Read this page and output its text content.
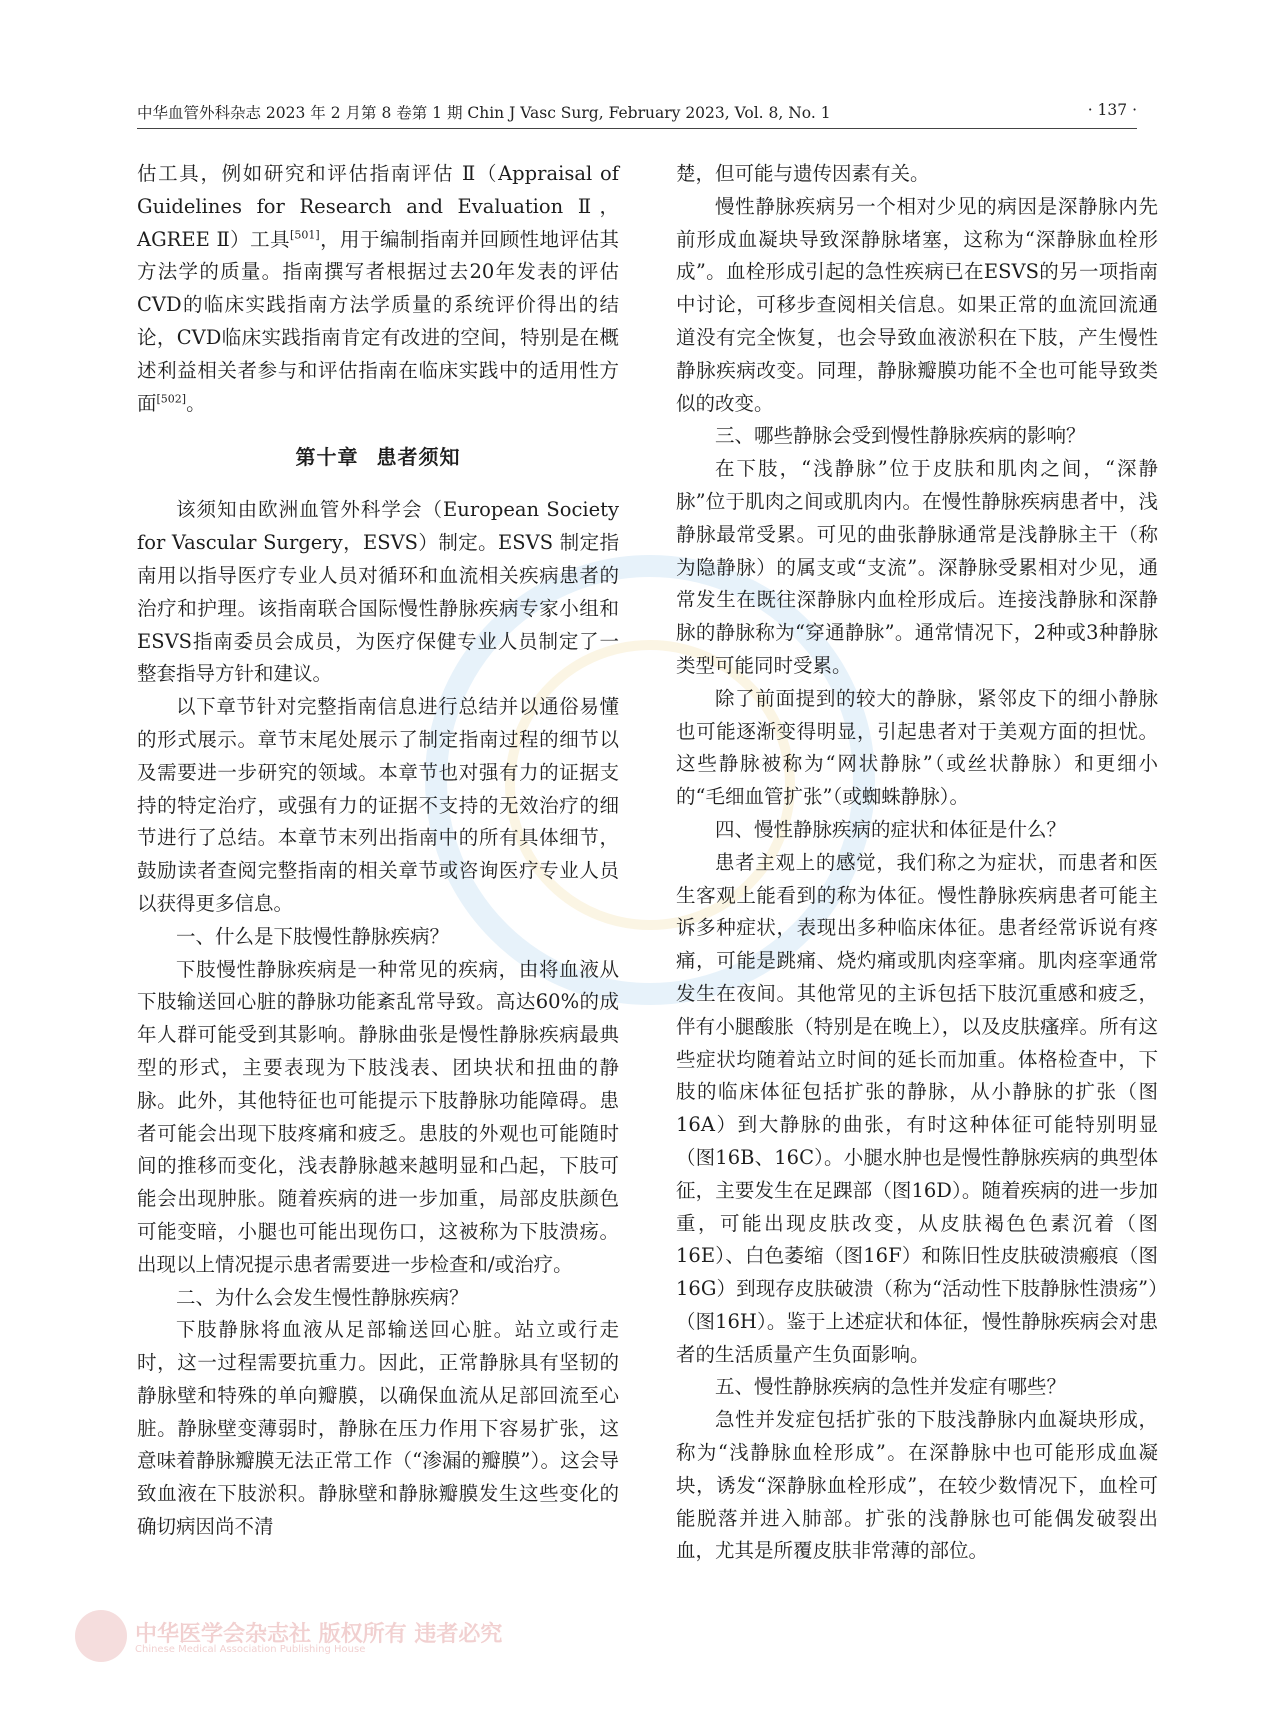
中华血管外科杂志 2023 年 2 月第 8 卷第 1 期 Chin J Vasc Surg, February 2023, Vol. 8, No. 1	· 137 ·

估工具，例如研究和评估指南评估 Ⅱ（Appraisal of Guidelines for Research and Evaluation Ⅱ，AGREE Ⅱ）工具[501]，用于编制指南并回顾性地评估其方法学的质量。指南撰写者根据过去20年发表的评估CVD的临床实践指南方法学质量的系统评价得出的结论，CVD临床实践指南肯定有改进的空间，特别是在概述利益相关者参与和评估指南在临床实践中的适用性方面[502]。

第十章 患者须知

该须知由欧洲血管外科学会（European Society for Vascular Surgery，ESVS）制定。ESVS 制定指南用以指导医疗专业人员对循环和血流相关疾病患者的治疗和护理。该指南联合国际慢性静脉疾病专家小组和ESVS指南委员会成员，为医疗保健专业人员制定了一整套指导方针和建议。

以下章节针对完整指南信息进行总结并以通俗易懂的形式展示。章节末尾处展示了制定指南过程的细节以及需要进一步研究的领域。本章节也对强有力的证据支持的特定治疗，或强有力的证据不支持的无效治疗的细节进行了总结。本章节末列出指南中的所有具体细节，鼓励读者查阅完整指南的相关章节或咨询医疗专业人员以获得更多信息。

一、什么是下肢慢性静脉疾病？

下肢慢性静脉疾病是一种常见的疾病，由将血液从下肢输送回心脏的静脉功能紊乱常导致。高达60%的成年人群可能受到其影响。静脉曲张是慢性静脉疾病最典型的形式，主要表现为下肢浅表、团块状和扭曲的静脉。此外，其他特征也可能提示下肢静脉功能障碍。患者可能会出现下肢疼痛和疲乏。患肢的外观也可能随时间的推移而变化，浅表静脉越来越明显和凸起，下肢可能会出现肿胀。随着疾病的进一步加重，局部皮肤颜色可能变暗，小腿也可能出现伤口，这被称为下肢溃疡。出现以上情况提示患者需要进一步检查和/或治疗。

二、为什么会发生慢性静脉疾病？

下肢静脉将血液从足部输送回心脏。站立或行走时，这一过程需要抗重力。因此，正常静脉具有坚韧的静脉壁和特殊的单向瓣膜，以确保血流从足部回流至心脏。静脉壁变薄弱时，静脉在压力作用下容易扩张，这意味着静脉瓣膜无法正常工作（“渗漏的瓣膜”）。这会导致血液在下肢淤积。静脉壁和静脉瓣膜发生这些变化的确切病因尚不清

楚，但可能与遗传因素有关。

慢性静脉疾病另一个相对少见的病因是深静脉内先前形成血凝块导致深静脉堵塞，这称为“深静脉血栓形成”。血栓形成引起的急性疾病已在ESVS的另一项指南中讨论，可移步查阅相关信息。如果正常的血流回流通道没有完全恢复，也会导致血液淤积在下肢，产生慢性静脉疾病改变。同理，静脉瓣膜功能不全也可能导致类似的改变。

三、哪些静脉会受到慢性静脉疾病的影响？

在下肢，“浅静脉”位于皮肤和肌肉之间，“深静脉”位于肌肉之间或肌肉内。在慢性静脉疾病患者中，浅静脉最常受累。可见的曲张静脉通常是浅静脉主干（称为隐静脉）的属支或“支流”。深静脉受累相对少见，通常发生在既往深静脉内血栓形成后。连接浅静脉和深静脉的静脉称为“穿通静脉”。通常情况下，2种或3种静脉类型可能同时受累。

除了前面提到的较大的静脉，紧邻皮下的细小静脉也可能逐渐变得明显，引起患者对于美观方面的担忧。这些静脉被称为“网状静脉”（或丝状静脉）和更细小的“毛细血管扩张”（或蜘蛛静脉）。

四、慢性静脉疾病的症状和体征是什么？

患者主观上的感觉，我们称之为症状，而患者和医生客观上能看到的称为体征。慢性静脉疾病患者可能主诉多种症状，表现出多种临床体征。患者经常诉说有疼痛，可能是跳痛、烧灼痛或肌肉痉挛痛。肌肉痉挛通常发生在夜间。其他常见的主诉包括下肢沉重感和疲乏，伴有小腿酸胀（特别是在晚上），以及皮肤瘙痒。所有这些症状均随着站立时间的延长而加重。体格检查中，下肢的临床体征包括扩张的静脉，从小静脉的扩张（图16A）到大静脉的曲张，有时这种体征可能特别明显（图16B、16C）。小腿水肿也是慢性静脉疾病的典型体征，主要发生在足踝部（图16D）。随着疾病的进一步加重，可能出现皮肤改变，从皮肤褐色色素沉着（图16E）、白色萎缩（图16F）和陈旧性皮肤破溃瘢痕（图16G）到现存皮肤破溃（称为“活动性下肢静脉性溃疡”）（图16H）。鉴于上述症状和体征，慢性静脉疾病会对患者的生活质量产生负面影响。

五、慢性静脉疾病的急性并发症有哪些？

急性并发症包括扩张的下肢浅静脉内血凝块形成，称为“浅静脉血栓形成”。在深静脉中也可能形成血凝块，诱发“深静脉血栓形成”，在较少数情况下，血栓可能脱落并进入肺部。扩张的浅静脉也可能偶发破裂出血，尤其是所覆皮肤非常薄的部位。

中华医学会杂志社 版权所有 违者必究
Chinese Medical Association Publishing House
